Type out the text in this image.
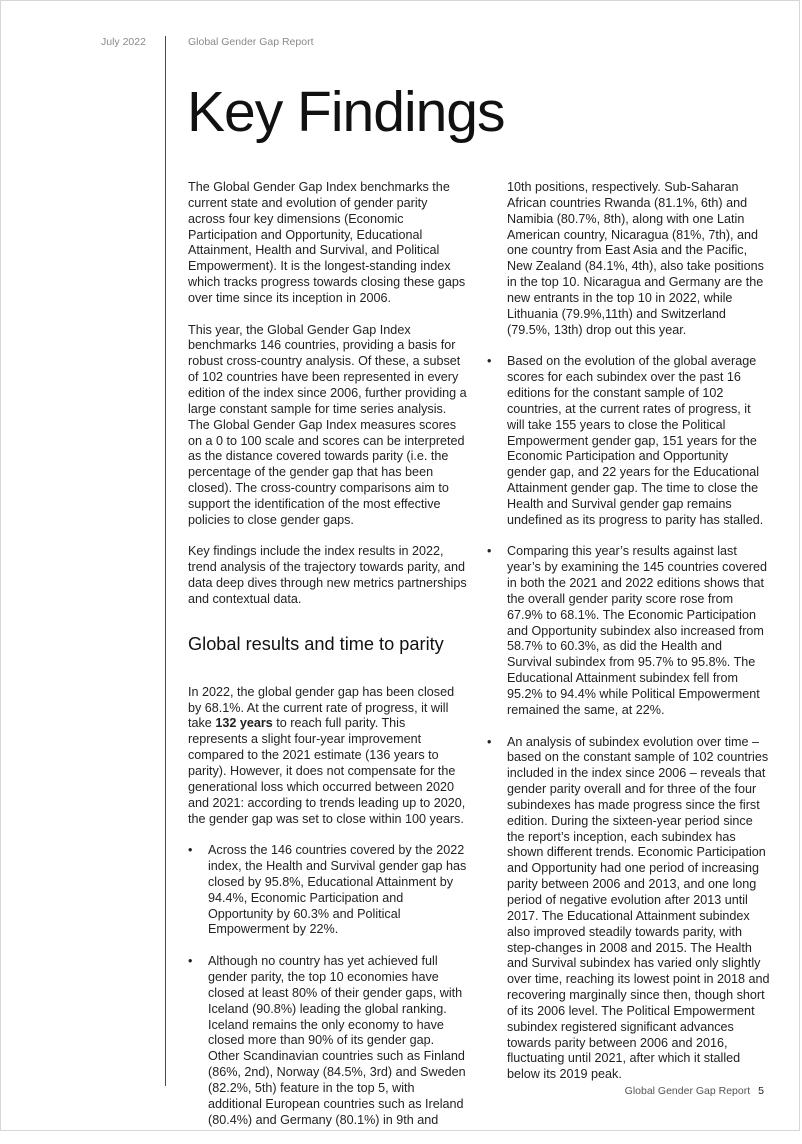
July 2022	Global Gender Gap Report
Key Findings

The Global Gender Gap Index benchmarks the current state and evolution of gender parity across four key dimensions (Economic Participation and Opportunity, Educational Attainment, Health and Survival, and Political Empowerment). It is the longest-standing index which tracks progress towards closing these gaps over time since its inception in 2006.

This year, the Global Gender Gap Index benchmarks 146 countries, providing a basis for robust cross-country analysis. Of these, a subset of 102 countries have been represented in every edition of the index since 2006, further providing a large constant sample for time series analysis. The Global Gender Gap Index measures scores on a 0 to 100 scale and scores can be interpreted as the distance covered towards parity (i.e. the percentage of the gender gap that has been closed). The cross-country comparisons aim to support the identification of the most effective policies to close gender gaps.

Key findings include the index results in 2022, trend analysis of the trajectory towards parity, and data deep dives through new metrics partnerships and contextual data.

Global results and time to parity

In 2022, the global gender gap has been closed by 68.1%. At the current rate of progress, it will take 132 years to reach full parity. This represents a slight four-year improvement compared to the 2021 estimate (136 years to parity). However, it does not compensate for the generational loss which occurred between 2020 and 2021: according to trends leading up to 2020, the gender gap was set to close within 100 years.

•	Across the 146 countries covered by the 2022 index, the Health and Survival gender gap has closed by 95.8%, Educational Attainment by 94.4%, Economic Participation and Opportunity by 60.3% and Political Empowerment by 22%.
•	Although no country has yet achieved full gender parity, the top 10 economies have closed at least 80% of their gender gaps, with Iceland (90.8%) leading the global ranking. Iceland remains the only economy to have closed more than 90% of its gender gap. Other Scandinavian countries such as Finland (86%, 2nd), Norway (84.5%, 3rd) and Sweden (82.2%, 5th) feature in the top 5, with additional European countries such as Ireland (80.4%) and Germany (80.1%) in 9th and
10th positions, respectively. Sub-Saharan African countries Rwanda (81.1%, 6th) and Namibia (80.7%, 8th), along with one Latin American country, Nicaragua (81%, 7th), and one country from East Asia and the Pacific, New Zealand (84.1%, 4th), also take positions in the top 10. Nicaragua and Germany are the new entrants in the top 10 in 2022, while Lithuania (79.9%,11th) and Switzerland (79.5%, 13th) drop out this year.
•	Based on the evolution of the global average scores for each subindex over the past 16 editions for the constant sample of 102 countries, at the current rates of progress, it will take 155 years to close the Political Empowerment gender gap, 151 years for the Economic Participation and Opportunity gender gap, and 22 years for the Educational Attainment gender gap. The time to close the Health and Survival gender gap remains undefined as its progress to parity has stalled.
•	Comparing this year’s results against last year’s by examining the 145 countries covered in both the 2021 and 2022 editions shows that the overall gender parity score rose from 67.9% to 68.1%. The Economic Participation and Opportunity subindex also increased from 58.7% to 60.3%, as did the Health and Survival subindex from 95.7% to 95.8%. The Educational Attainment subindex fell from 95.2% to 94.4% while Political Empowerment remained the same, at 22%.
•	An analysis of subindex evolution over time – based on the constant sample of 102 countries included in the index since 2006 – reveals that gender parity overall and for three of the four subindexes has made progress since the first edition. During the sixteen-year period since the report’s inception, each subindex has shown different trends. Economic Participation and Opportunity had one period of increasing parity between 2006 and 2013, and one long period of negative evolution after 2013 until 2017. The Educational Attainment subindex also improved steadily towards parity, with step-changes in 2008 and 2015. The Health and Survival subindex has varied only slightly over time, reaching its lowest point in 2018 and recovering marginally since then, though short of its 2006 level. The Political Empowerment subindex registered significant advances towards parity between 2006 and 2016, fluctuating until 2021, after which it stalled below its 2019 peak.
Global Gender Gap Report 5
